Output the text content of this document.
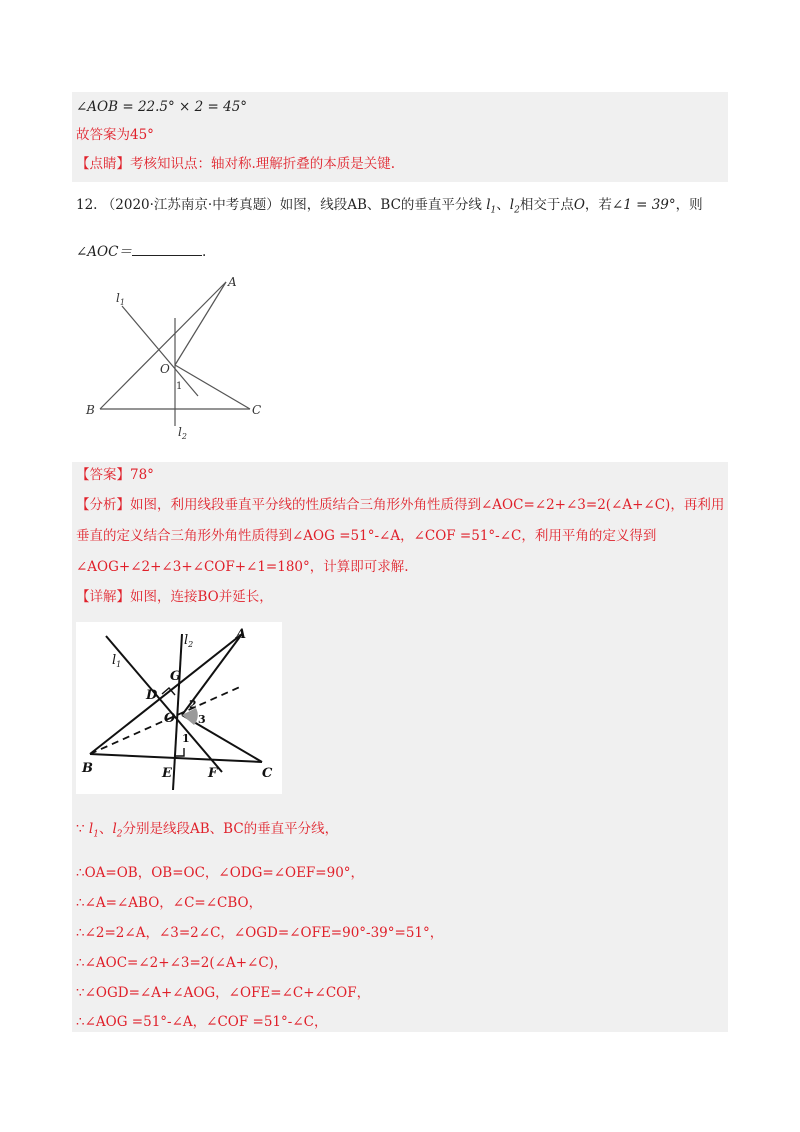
∠AOB = 22.5° × 2 = 45°
故答案为45°
【点睛】考核知识点：轴对称.理解折叠的本质是关键.
12. （2020·江苏南京·中考真题）如图，线段AB、BC的垂直平分线 $l_1$、$l_2$相交于点O，若∠1 = 39°，则
∠AOC＝	.
A
B	C
O
1
$l_1$
$l_2$
【答案】78°
【分析】如图，利用线段垂直平分线的性质结合三角形外角性质得到∠AOC=∠2+∠3=2(∠A+∠C)，再利用
垂直的定义结合三角形外角性质得到∠AOG =51°-∠A，∠COF =51°-∠C，利用平角的定义得到
∠AOG+∠2+∠3+∠COF+∠1=180°，计算即可求解.
【详解】如图，连接BO并延长，
A
B	C
D
E	F
G
O
1
2
3
$l_1$
$l_2$
∵ $l_1$、$l_2$分别是线段AB、BC的垂直平分线，
∴OA=OB，OB=OC，∠ODG=∠OEF=90°，
∴∠A=∠ABO，∠C=∠CBO，
∴∠2=2∠A，∠3=2∠C，∠OGD=∠OFE=90°-39°=51°，
∴∠AOC=∠2+∠3=2(∠A+∠C)，
∵∠OGD=∠A+∠AOG，∠OFE=∠C+∠COF，
∴∠AOG =51°-∠A，∠COF =51°-∠C，
